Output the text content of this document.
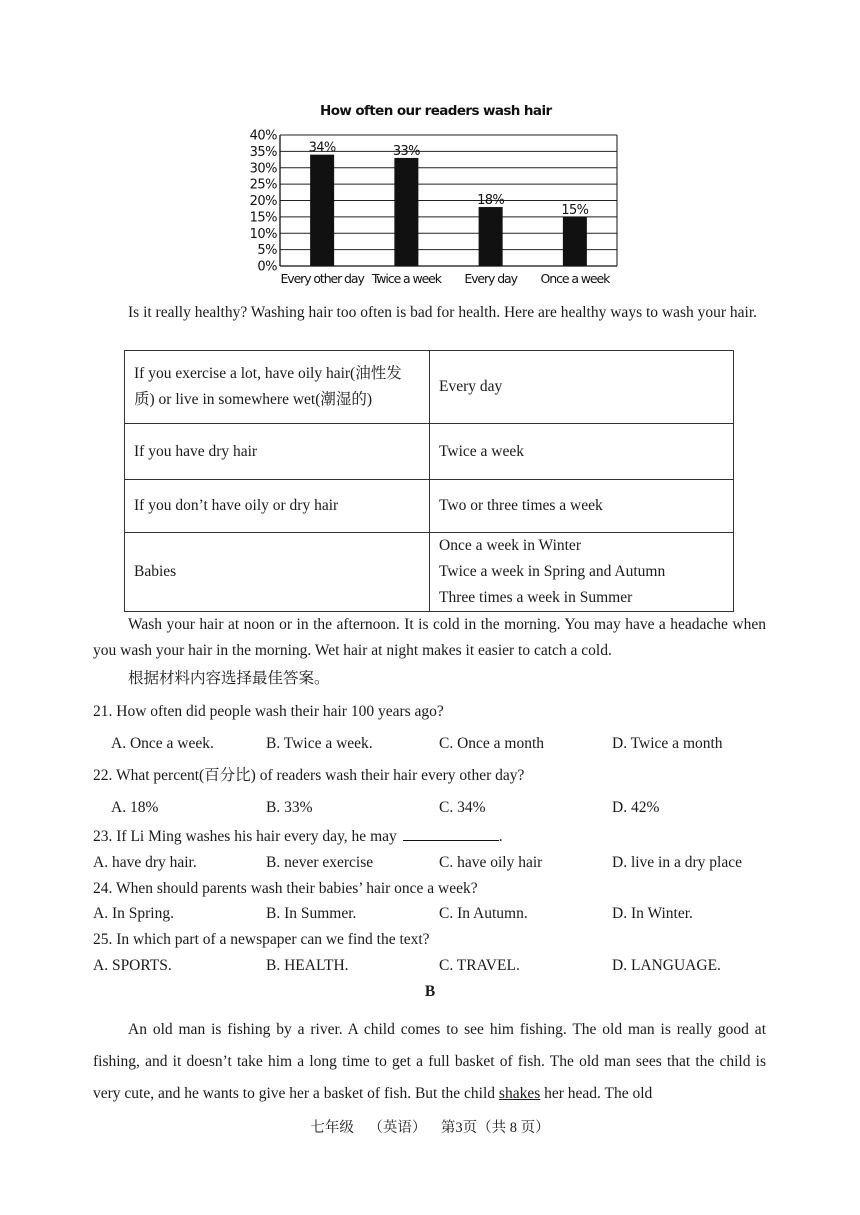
How often our readers wash hair
0%
5%
10%
15%
20%
25%
30%
35%
40%
34%
Every other day
33%
Twice a week
18%
Every day
15%
Once a week
Is it really healthy? Washing hair too often is bad for health. Here are healthy ways to wash your hair.
If you exercise a lot, have oily hair(油性发质) or live in somewhere wet(潮湿的)	Every day
If you have dry hair	Twice a week
If you don’t have oily or dry hair	Two or three times a week
Babies	Once a week in Winter
Twice a week in Spring and Autumn
Three times a week in Summer
Wash your hair at noon or in the afternoon. It is cold in the morning. You may have a headache when you wash your hair in the morning. Wet hair at night makes it easier to catch a cold.
根据材料内容选择最佳答案。
21. How often did people wash their hair 100 years ago?
A. Once a week.	B. Twice a week.	C. Once a month	D. Twice a month
22. What percent(百分比) of readers wash their hair every other day?
A. 18%	B. 33%	C. 34%	D. 42%
23. If Li Ming washes his hair every day, he may	.
A. have dry hair.	B. never exercise	C. have oily hair	D. live in a dry place
24. When should parents wash their babies’ hair once a week?
A. In Spring.	B. In Summer.	C. In Autumn.	D. In Winter.
25. In which part of a newspaper can we find the text?
A. SPORTS.	B. HEALTH.	C. TRAVEL.	D. LANGUAGE.
B
An old man is fishing by a river. A child comes to see him fishing. The old man is really good at fishing, and it doesn’t take him a long time to get a full basket of fish. The old man sees that the child is very cute, and he wants to give her a basket of fish. But the child shakes her head. The old
七年级    （英语）    第3页（共 8 页）
